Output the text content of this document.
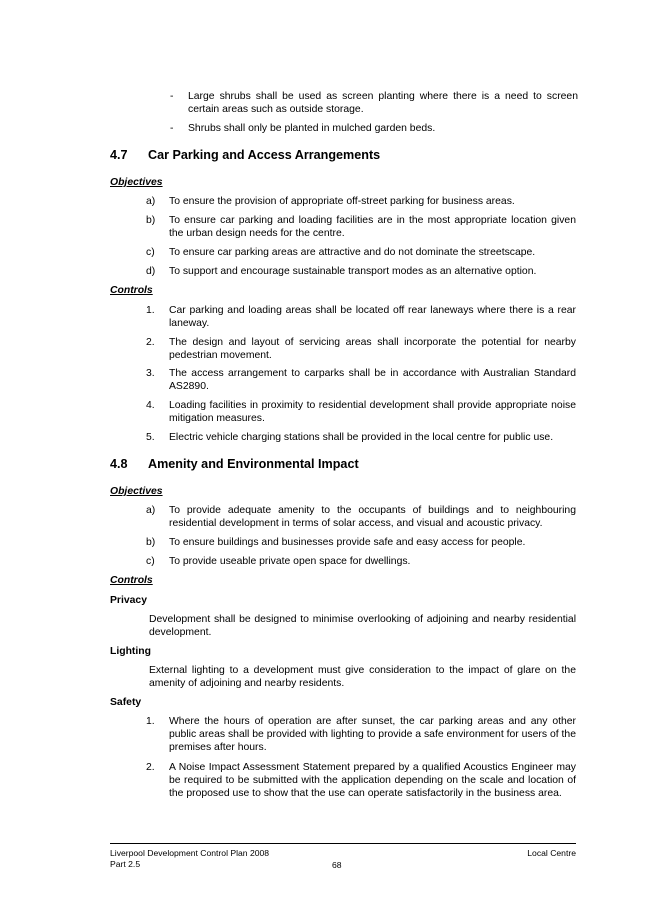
- Large shrubs shall be used as screen planting where there is a need to screen certain areas such as outside storage.
- Shrubs shall only be planted in mulched garden beds.
4.7 Car Parking and Access Arrangements
Objectives
a) To ensure the provision of appropriate off-street parking for business areas.
b) To ensure car parking and loading facilities are in the most appropriate location given the urban design needs for the centre.
c) To ensure car parking areas are attractive and do not dominate the streetscape.
d) To support and encourage sustainable transport modes as an alternative option.
Controls
1. Car parking and loading areas shall be located off rear laneways where there is a rear laneway.
2. The design and layout of servicing areas shall incorporate the potential for nearby pedestrian movement.
3. The access arrangement to carparks shall be in accordance with Australian Standard AS2890.
4. Loading facilities in proximity to residential development shall provide appropriate noise mitigation measures.
5. Electric vehicle charging stations shall be provided in the local centre for public use.
4.8 Amenity and Environmental Impact
Objectives
a) To provide adequate amenity to the occupants of buildings and to neighbouring residential development in terms of solar access, and visual and acoustic privacy.
b) To ensure buildings and businesses provide safe and easy access for people.
c) To provide useable private open space for dwellings.
Controls
Privacy
Development shall be designed to minimise overlooking of adjoining and nearby residential development.
Lighting
External lighting to a development must give consideration to the impact of glare on the amenity of adjoining and nearby residents.
Safety
1. Where the hours of operation are after sunset, the car parking areas and any other public areas shall be provided with lighting to provide a safe environment for users of the premises after hours.
2. A Noise Impact Assessment Statement prepared by a qualified Acoustics Engineer may be required to be submitted with the application depending on the scale and location of the proposed use to show that the use can operate satisfactorily in the business area.
Liverpool Development Control Plan 2008
Part 2.5	68
Local Centre
